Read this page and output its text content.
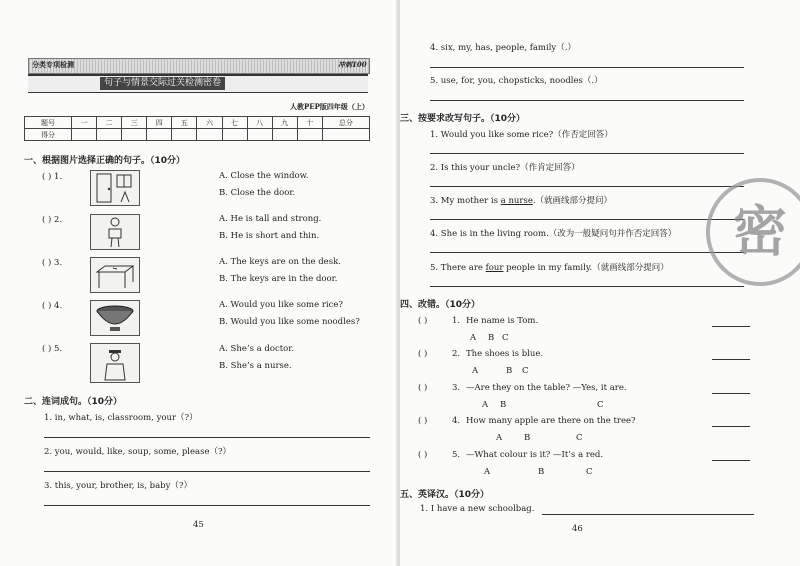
分类专项检测	冲刺100
句子与情景交际过关检测密卷
人教PEP版四年级（上）
题号	一	二	三	四	五	六	七	八	九	十	总分
得分											
一、根据图片选择正确的句子。（10分）
( ) 1.	A. Close the window.
B. Close the door.
( ) 2.	A. He is tall and strong.
B. He is short and thin.
( ) 3.	A. The keys are on the desk.
B. The keys are in the door.
( ) 4.	A. Would you like some rice?
B. Would you like some noodles?
( ) 5.	A. She’s a doctor.
B. She’s a nurse.
二、连词成句。（10分）
1. in, what, is, classroom, your（?）
2. you, would, like, soup, some, please（?）
3. this, your, brother, is, baby（?）
45
4. six, my, has, people, family（.）
5. use, for, you, chopsticks, noodles（.）
三、按要求改写句子。（10分）
1. Would you like some rice?（作否定回答）
2. Is this your uncle?（作肯定回答）
3. My mother is a nurse.（就画线部分提问）
4. She is in the living room.（改为一般疑问句并作否定回答）
5. There are four people in my family.（就画线部分提问）
四、改错。（10分）
( )	1. He name is Tom.
A B C
( )	2. The shoes is blue.
A	B C
( )	3. —Are they on the table? —Yes, it are.
A B	C
( )	4. How many apple are there on the tree?
A	B	C
( )	5. —What colour is it? —It’s a red.
A	B	C
五、英译汉。（10分）
1. I have a new schoolbag.
46
密
